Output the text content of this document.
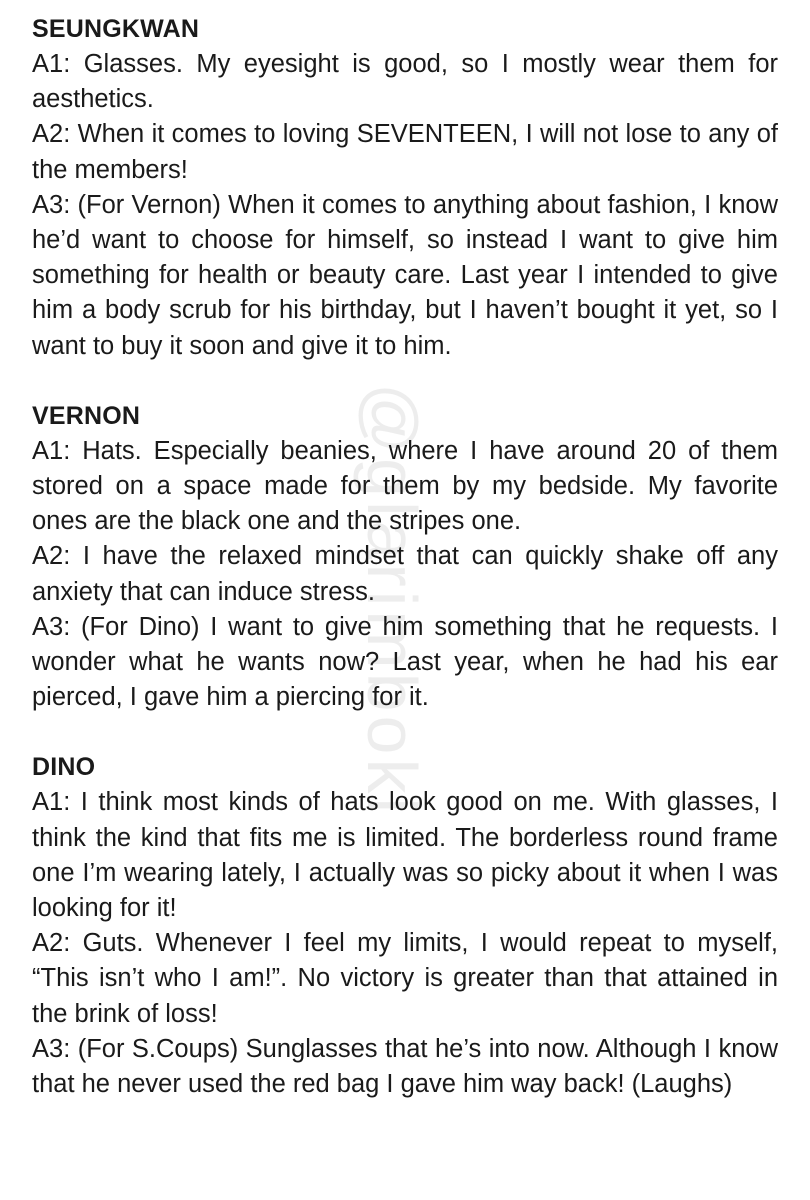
@glarimboki
SEUNGKWAN

A1: Glasses. My eyesight is good, so I mostly wear them for aesthetics.

A2: When it comes to loving SEVENTEEN, I will not lose to any of the members!

A3: (For Vernon) When it comes to anything about fashion, I know he’d want to choose for himself, so instead I want to give him something for health or beauty care. Last year I intended to give him a body scrub for his birthday, but I haven’t bought it yet, so I want to buy it soon and give it to him.

VERNON

A1: Hats. Especially beanies, where I have around 20 of them stored on a space made for them by my bedside. My favorite ones are the black one and the stripes one.

A2: I have the relaxed mindset that can quickly shake off any anxiety that can induce stress.

A3: (For Dino) I want to give him something that he requests. I wonder what he wants now? Last year, when he had his ear pierced, I gave him a piercing for it.

DINO

A1: I think most kinds of hats look good on me. With glasses, I think the kind that fits me is limited. The borderless round frame one I’m wearing lately, I actually was so picky about it when I was looking for it!

A2: Guts. Whenever I feel my limits, I would repeat to myself, “This isn’t who I am!”. No victory is greater than that attained in the brink of loss!

A3: (For S.Coups) Sunglasses that he’s into now. Although I know that he never used the red bag I gave him way back! (Laughs)
